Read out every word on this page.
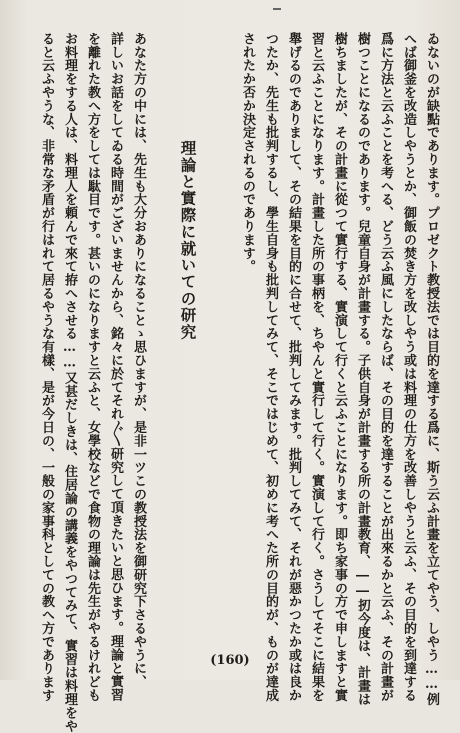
ゐないのが缺點であります。プロゼクト教授法では目的を達する爲に、斯う云ふ計畫を立てやう、しやう……例
へば御釜を改造しやうとか、御飯の焚き方を改しやう或は料理の仕方を改善しやうと云ふ、その目的を到達する
爲に方法と云ふことを考へる、どう云ふ風にしたならば、その目的を達することが出來るかと云ふ、その計畫が
樹つことになるのであります。兒童自身が計畫する。子供自身が計畫する所の計畫教育、――扨今度は、計畫は
樹ちましたが、その計畫に從つて實行する、實演して行くと云ふことになります。即ち家事の方で申しますと實
習と云ふことになります。計畫した所の事柄を、ちやんと實行して行く。實演して行く。さうしてそこに結果を
舉げるのでありまして、その結果を目的に合せて、批判してみます。批判してみて、それが惡かつたか或は良か
つたか、先生も批判するし、學生自身も批判してみて、そこではじめて、初めに考へた所の目的が、ものが達成
されたか否か決定されるのであります。
理論と實際に就いての研究
あなた方の中には、先生も大分おありになることゝ思ひますが、是非一ツこの教授法を御研究下さるやうに、
詳しいお話をしてゐる時間がございませんから、銘々に於てそれ〴〵研究して頂きたいと思ひます。理論と實習
を離れた教へ方をしては駄目です。甚いのになりますと云ふと、女學校などで食物の理論は先生がやるけれども
お料理をする人は、料理人を頼んで來て拵へさせる……又甚だしきは、住居論の講義をやつてみて、實習は料理をや
ると云ふやうな、非常な矛盾が行はれて居るやうな有樣、是が今日の、一般の家事科としての教へ方であります	(160)
